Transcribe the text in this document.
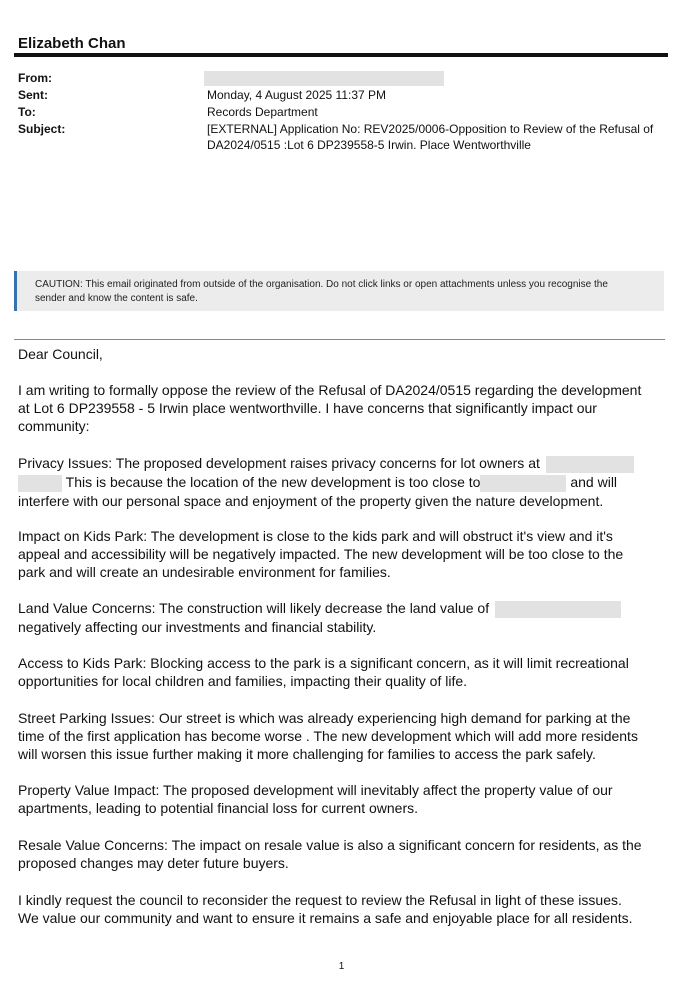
Elizabeth Chan
From:
Sent:	Monday, 4 August 2025 11:37 PM
To:	Records Department
Subject:	[EXTERNAL] Application No: REV2025/0006-Opposition to Review of the Refusal of
DA2024/0515 :Lot 6 DP239558-5 Irwin. Place Wentworthville
CAUTION: This email originated from outside of the organisation. Do not click links or open attachments unless you recognise the
sender and know the content is safe.
Dear Council,

I am writing to formally oppose the review of the Refusal of DA2024/0515 regarding the development

at Lot 6 DP239558 - 5 Irwin place wentworthville. I have concerns that significantly impact our

community:

Privacy Issues: The proposed development raises privacy concerns for lot owners at

This is because the location of the new development is too close to	and will

interfere with our personal space and enjoyment of the property given the nature development.

Impact on Kids Park: The development is close to the kids park and will obstruct it's view and it's

appeal and accessibility will be negatively impacted. The new development will be too close to the

park and will create an undesirable environment for families.

Land Value Concerns: The construction will likely decrease the land value of

negatively affecting our investments and financial stability.

Access to Kids Park: Blocking access to the park is a significant concern, as it will limit recreational

opportunities for local children and families, impacting their quality of life.

Street Parking Issues: Our street is which was already experiencing high demand for parking at the

time of the first application has become worse . The new development which will add more residents

will worsen this issue further making it more challenging for families to access the park safely.

Property Value Impact: The proposed development will inevitably affect the property value of our

apartments, leading to potential financial loss for current owners.

Resale Value Concerns: The impact on resale value is also a significant concern for residents, as the

proposed changes may deter future buyers.

I kindly request the council to reconsider the request to review the Refusal in light of these issues.

We value our community and want to ensure it remains a safe and enjoyable place for all residents.

1
